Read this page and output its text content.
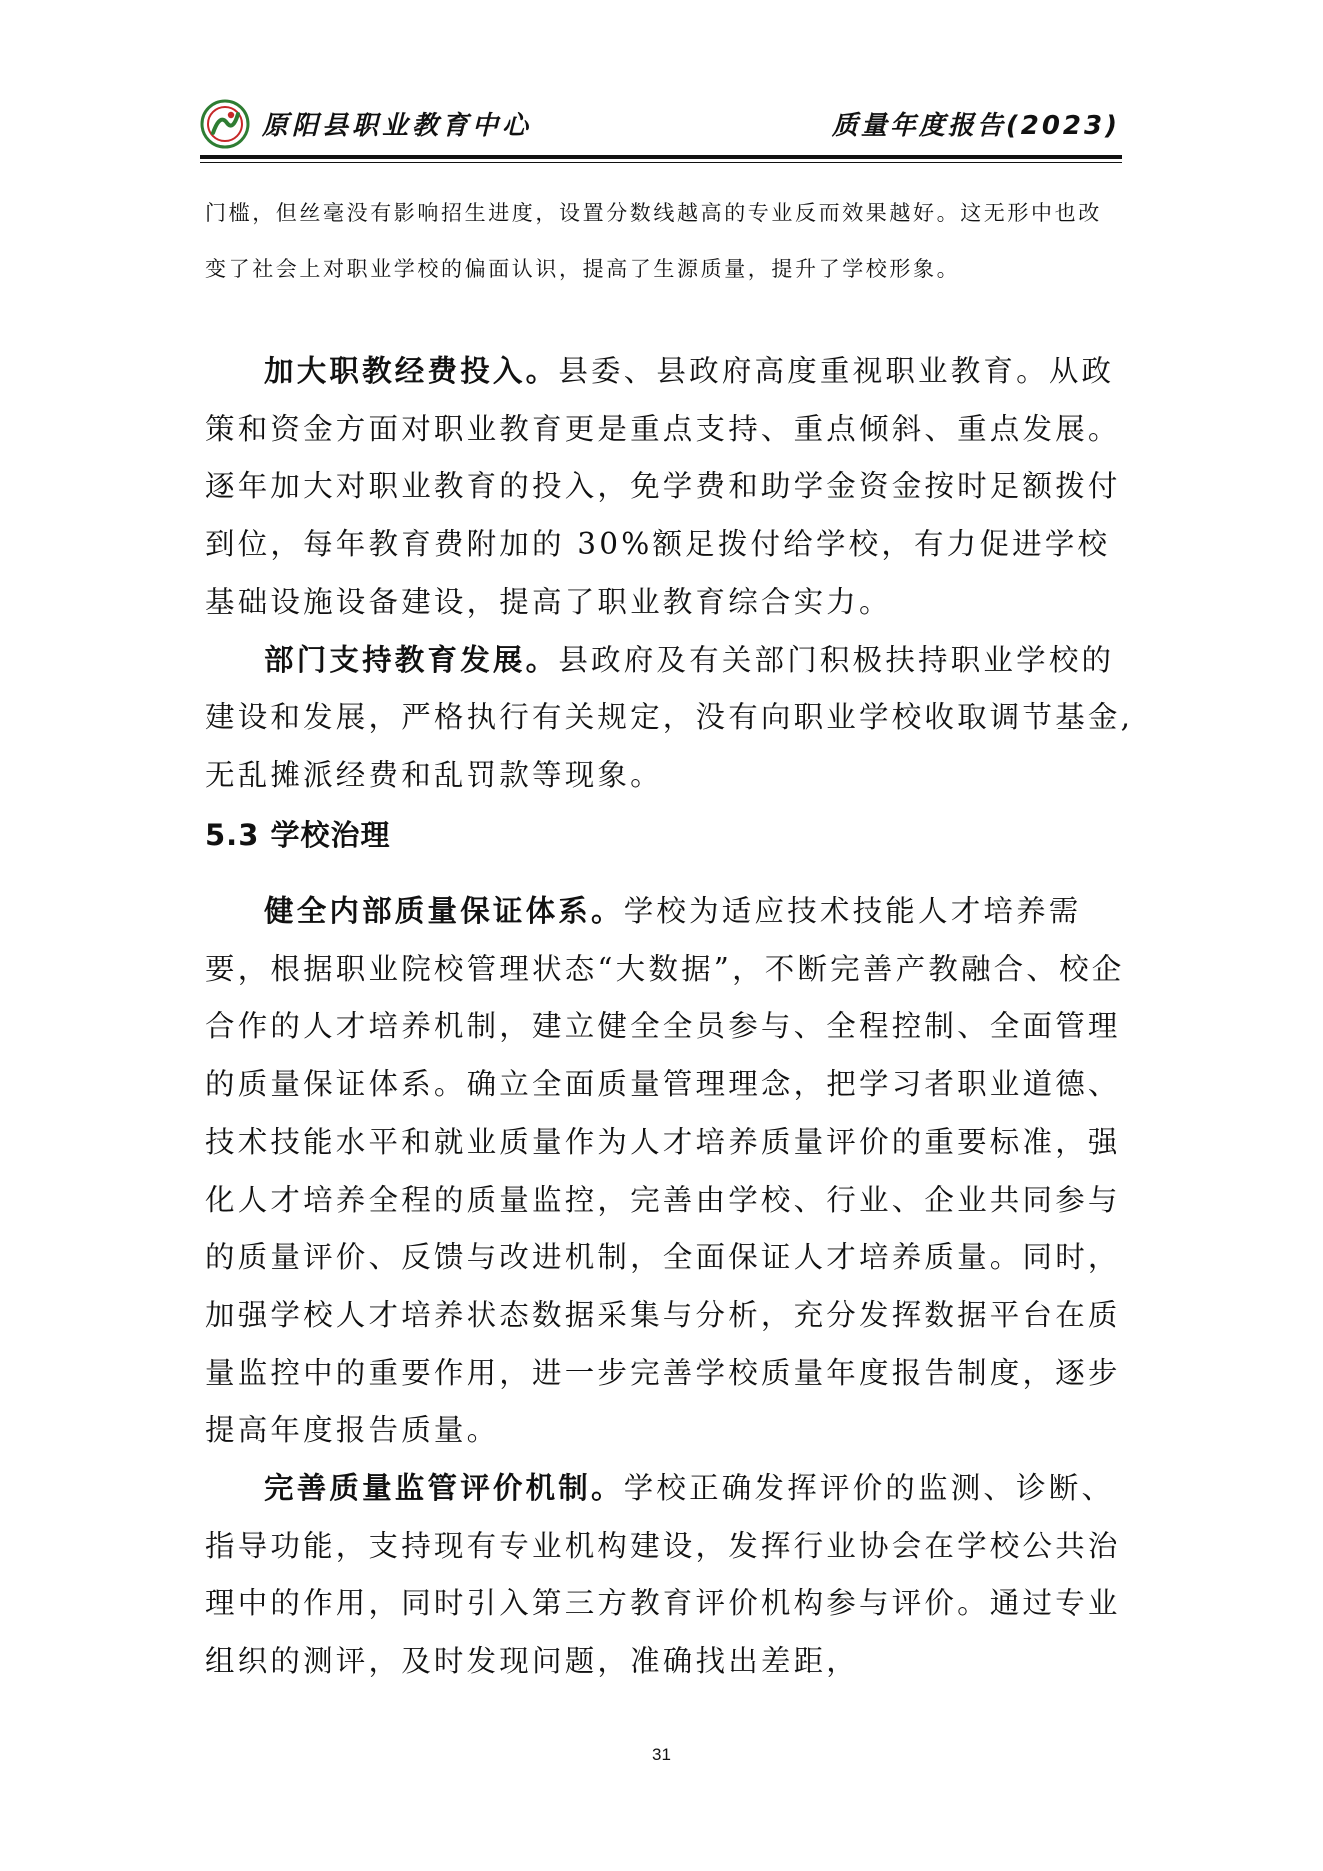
原阳县职业教育中心	质量年度报告(2023)

门槛，但丝毫没有影响招生进度，设置分数线越高的专业反而效果越好。这无形中也改变了社会上对职业学校的偏面认识，提高了生源质量，提升了学校形象。

加大职教经费投入。县委、县政府高度重视职业教育。从政策和资金方面对职业教育更是重点支持、重点倾斜、重点发展。逐年加大对职业教育的投入，免学费和助学金资金按时足额拨付到位，每年教育费附加的 30%额足拨付给学校，有力促进学校基础设施设备建设，提高了职业教育综合实力。

部门支持教育发展。县政府及有关部门积极扶持职业学校的建设和发展，严格执行有关规定，没有向职业学校收取调节基金,无乱摊派经费和乱罚款等现象。

5.3 学校治理

健全内部质量保证体系。学校为适应技术技能人才培养需要，根据职业院校管理状态“大数据”，不断完善产教融合、校企合作的人才培养机制，建立健全全员参与、全程控制、全面管理的质量保证体系。确立全面质量管理理念，把学习者职业道德、技术技能水平和就业质量作为人才培养质量评价的重要标准，强化人才培养全程的质量监控，完善由学校、行业、企业共同参与的质量评价、反馈与改进机制，全面保证人才培养质量。同时，加强学校人才培养状态数据采集与分析，充分发挥数据平台在质量监控中的重要作用，进一步完善学校质量年度报告制度，逐步提高年度报告质量。

完善质量监管评价机制。学校正确发挥评价的监测、诊断、指导功能，支持现有专业机构建设，发挥行业协会在学校公共治理中的作用，同时引入第三方教育评价机构参与评价。通过专业组织的测评，及时发现问题，准确找出差距，

31
